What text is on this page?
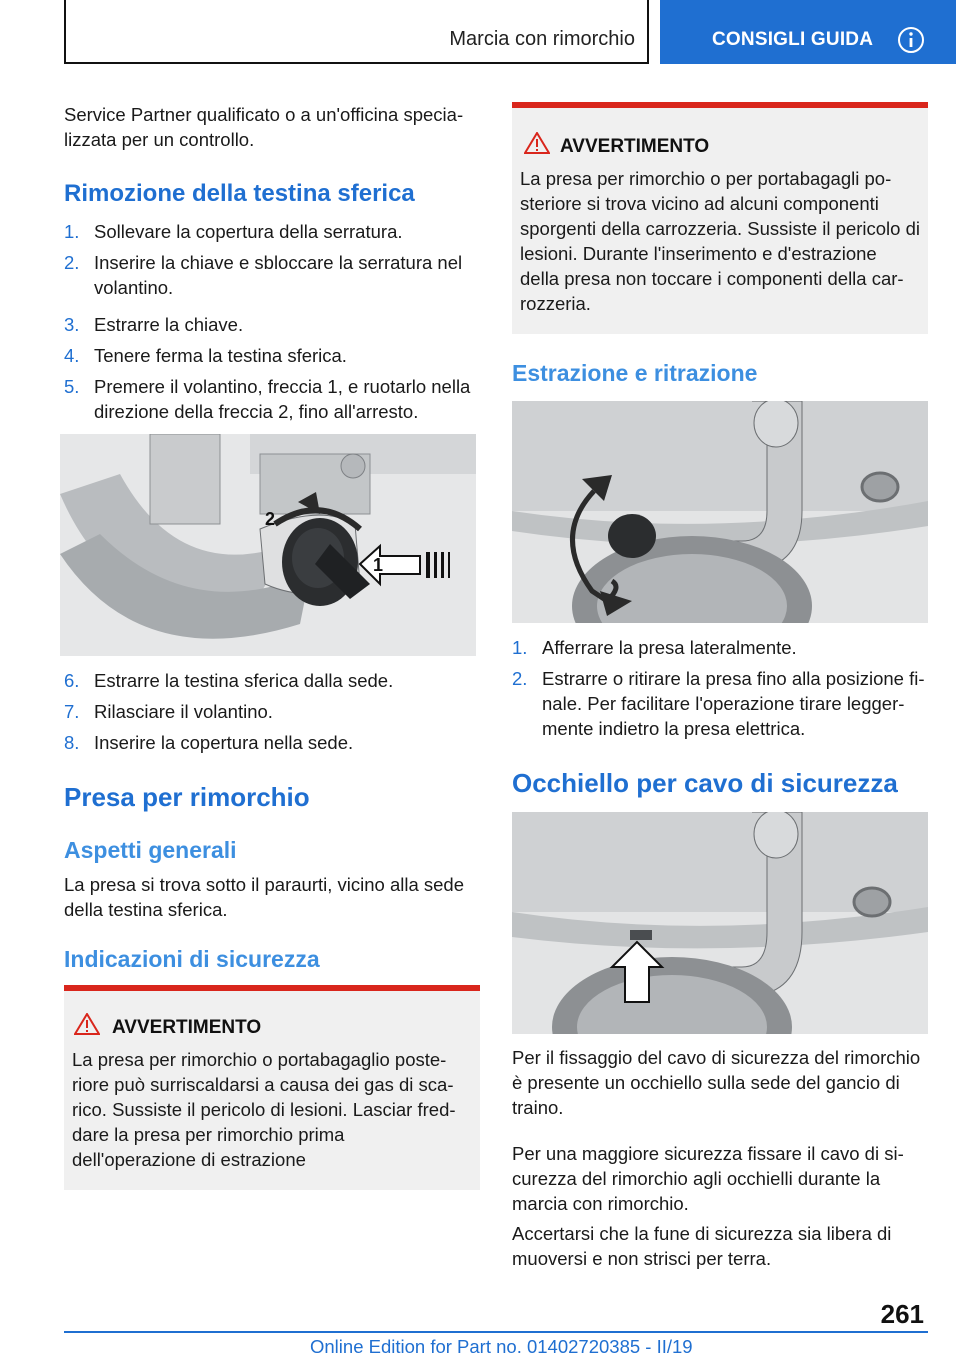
Marcia con rimorchio	CONSIGLI GUIDA

Service Partner qualificato o a un'officina specia-lizzata per un controllo.

Rimozione della testina sferica
1. Sollevare la copertura della serratura.
2. Inserire la chiave e sbloccare la serratura nel volantino.
3. Estrarre la chiave.
4. Tenere ferma la testina sferica.
5. Premere il volantino, freccia 1, e ruotarlo nella direzione della freccia 2, fino all'arresto.
2
1
6. Estrarre la testina sferica dalla sede.
7. Rilasciare il volantino.
8. Inserire la copertura nella sede.
Presa per rimorchio
Aspetti generali

La presa si trova sotto il paraurti, vicino alla sede della testina sferica.

Indicazioni di sicurezza
AVVERTIMENTO

La presa per rimorchio o portabagaglio poste-riore può surriscaldarsi a causa dei gas di sca-rico. Sussiste il pericolo di lesioni. Lasciar fred-dare la presa per rimorchio prima dell'operazione di estrazione

AVVERTIMENTO

La presa per rimorchio o per portabagagli po-steriore si trova vicino ad alcuni componenti sporgenti della carrozzeria. Sussiste il pericolo di lesioni. Durante l'inserimento e d'estrazione della presa non toccare i componenti della car-rozzeria.

Estrazione e ritrazione
1. Afferrare la presa lateralmente.
2. Estrarre o ritirare la presa fino alla posizione fi-nale. Per facilitare l'operazione tirare legger-mente indietro la presa elettrica.
Occhiello per cavo di sicurezza

Per il fissaggio del cavo di sicurezza del rimorchio è presente un occhiello sulla sede del gancio di traino.

Per una maggiore sicurezza fissare il cavo di si-curezza del rimorchio agli occhielli durante la marcia con rimorchio.

Accertarsi che la fune di sicurezza sia libera di muoversi e non strisci per terra.

261
Online Edition for Part no. 01402720385 - II/19
